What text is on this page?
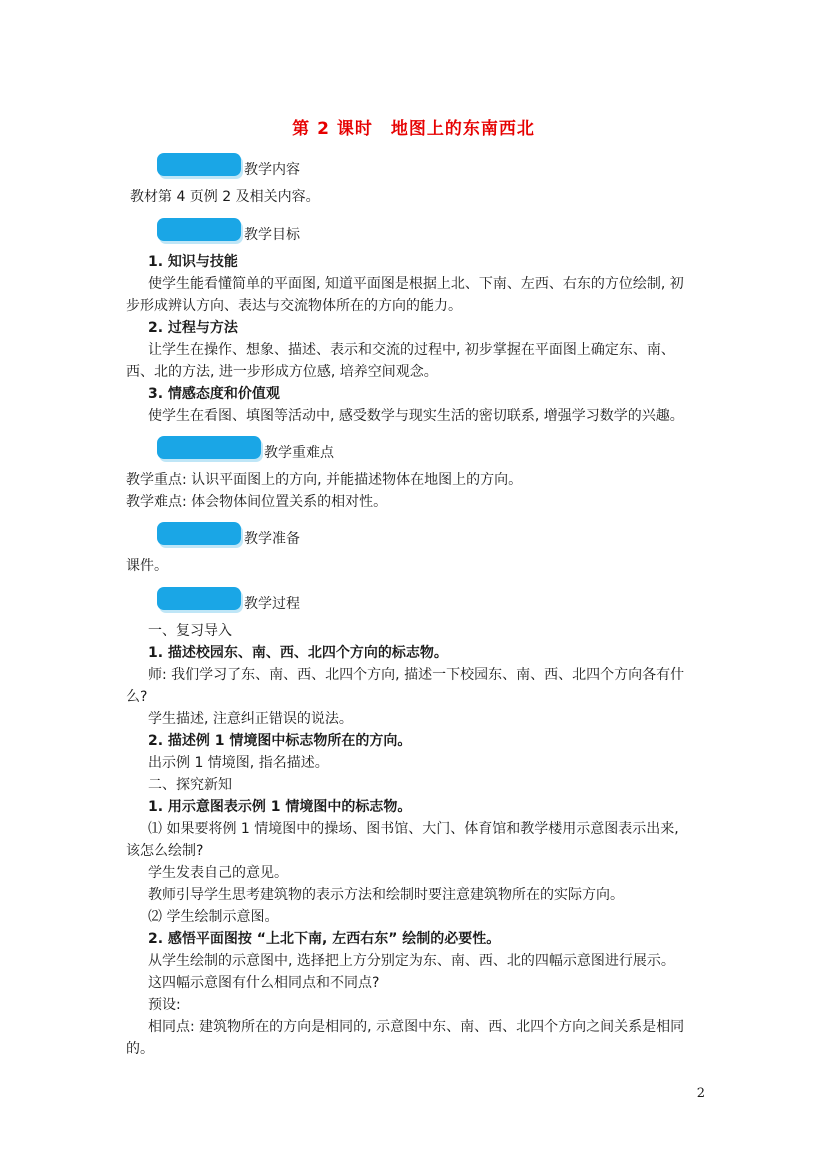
第 2 课时　地图上的东南西北
教学内容
教材第 4 页例 2 及相关内容。
教学目标
1. 知识与技能
使学生能看懂简单的平面图, 知道平面图是根据上北、下南、左西、右东的方位绘制, 初
步形成辨认方向、表达与交流物体所在的方向的能力。
2. 过程与方法
让学生在操作、想象、描述、表示和交流的过程中, 初步掌握在平面图上确定东、南、
西、北的方法, 进一步形成方位感, 培养空间观念。
3. 情感态度和价值观
使学生在看图、填图等活动中, 感受数学与现实生活的密切联系, 增强学习数学的兴趣。
教学重难点
教学重点: 认识平面图上的方向, 并能描述物体在地图上的方向。
教学难点: 体会物体间位置关系的相对性。
教学准备
课件。
教学过程
一、复习导入
1. 描述校园东、南、西、北四个方向的标志物。
师: 我们学习了东、南、西、北四个方向, 描述一下校园东、南、西、北四个方向各有什
么?
学生描述, 注意纠正错误的说法。
2. 描述例 1 情境图中标志物所在的方向。
出示例 1 情境图, 指名描述。
二、探究新知
1. 用示意图表示例 1 情境图中的标志物。
⑴ 如果要将例 1 情境图中的操场、图书馆、大门、体育馆和教学楼用示意图表示出来,
该怎么绘制?
学生发表自己的意见。
教师引导学生思考建筑物的表示方法和绘制时要注意建筑物所在的实际方向。
⑵ 学生绘制示意图。
2. 感悟平面图按 “上北下南, 左西右东” 绘制的必要性。
从学生绘制的示意图中, 选择把上方分别定为东、南、西、北的四幅示意图进行展示。
这四幅示意图有什么相同点和不同点?
预设:
相同点: 建筑物所在的方向是相同的, 示意图中东、南、西、北四个方向之间关系是相同
的。
2
